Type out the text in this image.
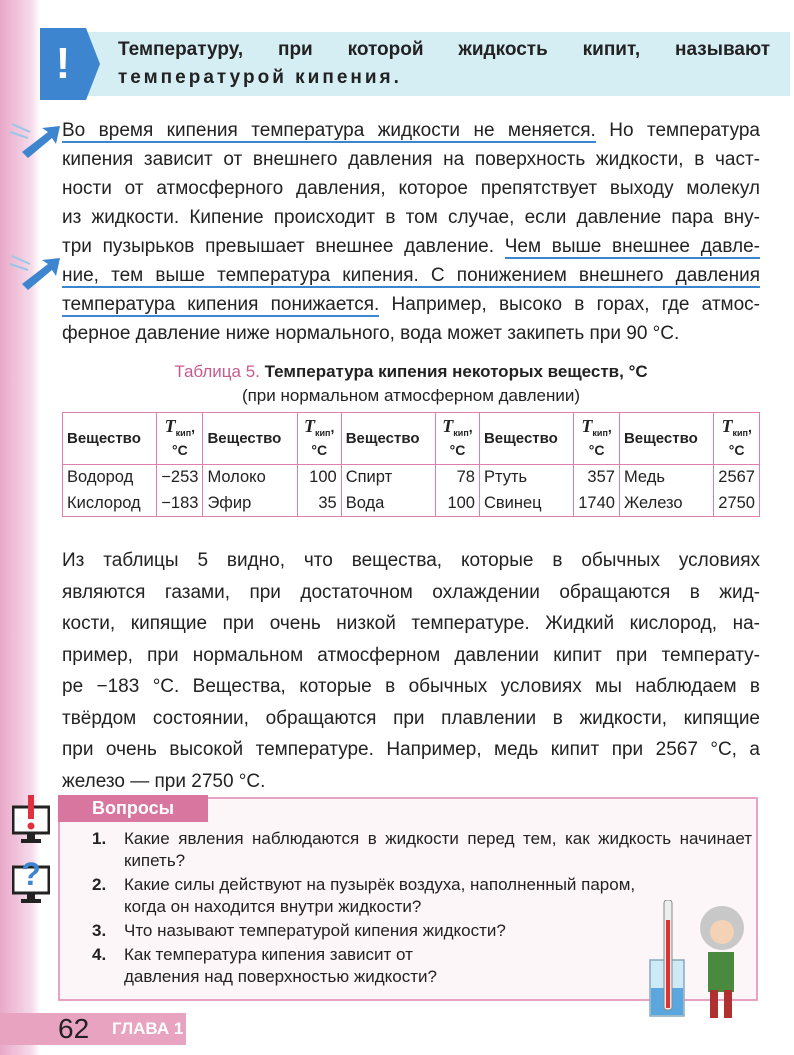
!	Температуру, при которой жидкость кипит, называют
температурой кипения.
Во время кипения температура жидкости не меняется. Но температура
кипения зависит от внешнего давления на поверхность жидкости, в част-
ности от атмосферного давления, которое препятствует выходу молекул
из жидкости. Кипение происходит в том случае, если давление пара вну-
три пузырьков превышает внешнее давление. Чем выше внешнее давле-
ние, тем выше температура кипения. С понижением внешнего давления
температура кипения понижается. Например, высоко в горах, где атмос-
ферное давление ниже нормального, вода может закипеть при 90 °C.
Таблица 5. Температура кипения некоторых веществ, °C
(при нормальном атмосферном давлении)
Вещество	$T_{кип}$,
°C	Вещество	$T_{кип}$,
°C	Вещество	$T_{кип}$,
°C	Вещество	$T_{кип}$,
°C	Вещество	$T_{кип}$,
°C
Водород	−253	Молоко	100	Спирт	78	Ртуть	357	Медь	2567
Кислород	−183	Эфир	35	Вода	100	Свинец	1740	Железо	2750
Из таблицы 5 видно, что вещества, которые в обычных условиях
являются газами, при достаточном охлаждении обращаются в жид-
кости, кипящие при очень низкой температуре. Жидкий кислород, на-
пример, при нормальном атмосферном давлении кипит при температу-
ре −183 °C. Вещества, которые в обычных условиях мы наблюдаем в
твёрдом состоянии, обращаются при плавлении в жидкости, кипящие
при очень высокой температуре. Например, медь кипит при 2567 °C, а
железо — при 2750 °C.
?
Вопросы
1.	Какие явления наблюдаются в жидкости перед тем, как жидкость начинает кипеть?
2.	Какие силы действуют на пузырёк воздуха, наполненный паром, когда он находится внутри жидкости?
3.	Что называют температурой кипения жидкости?
4.	Как температура кипения зависит от давления над поверхностью жидкости?
62 ГЛАВА 1
